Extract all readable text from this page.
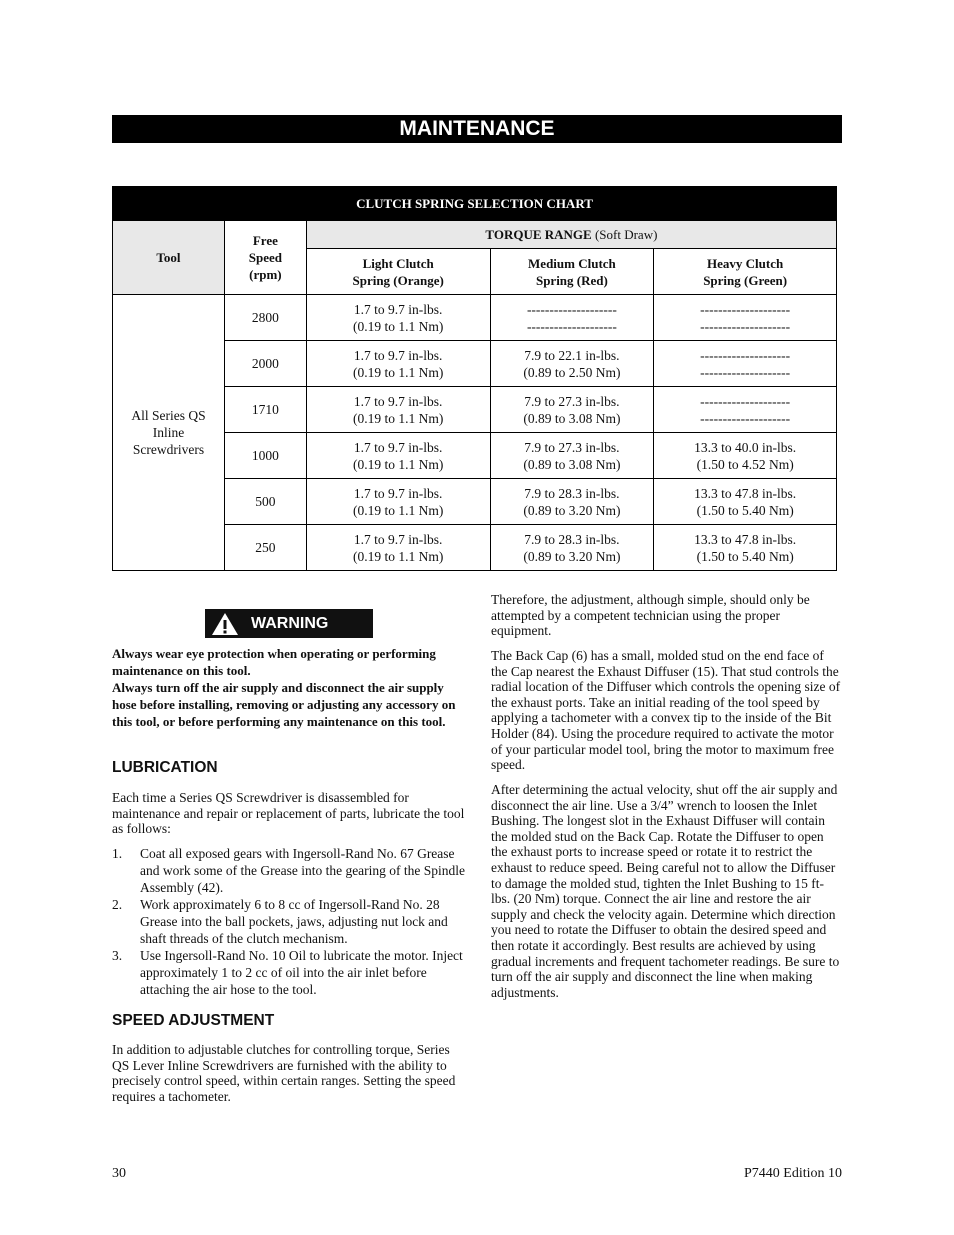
MAINTENANCE
CLUTCH SPRING SELECTION CHART				
Tool	Free
Speed
(rpm)	TORQUE RANGE (Soft Draw)		
		Light Clutch
Spring (Orange)	Medium Clutch
Spring (Red)	Heavy Clutch
Spring (Green)
All Series QS
Inline
Screwdrivers	2800	1.7 to 9.7 in-lbs.
(0.19 to 1.1 Nm)	--------------------
--------------------	--------------------
--------------------
	2000	1.7 to 9.7 in-lbs.
(0.19 to 1.1 Nm)	7.9 to 22.1 in-lbs.
(0.89 to 2.50 Nm)	--------------------
--------------------
	1710	1.7 to 9.7 in-lbs.
(0.19 to 1.1 Nm)	7.9 to 27.3 in-lbs.
(0.89 to 3.08 Nm)	--------------------
--------------------
	1000	1.7 to 9.7 in-lbs.
(0.19 to 1.1 Nm)	7.9 to 27.3 in-lbs.
(0.89 to 3.08 Nm)	13.3 to 40.0 in-lbs.
(1.50 to 4.52 Nm)
	500	1.7 to 9.7 in-lbs.
(0.19 to 1.1 Nm)	7.9 to 28.3 in-lbs.
(0.89 to 3.20 Nm)	13.3 to 47.8 in-lbs.
(1.50 to 5.40 Nm)
	250	1.7 to 9.7 in-lbs.
(0.19 to 1.1 Nm)	7.9 to 28.3 in-lbs.
(0.89 to 3.20 Nm)	13.3 to 47.8 in-lbs.
(1.50 to 5.40 Nm)
WARNING

Always wear eye protection when operating or performing maintenance on this tool.

Always turn off the air supply and disconnect the air supply hose before installing, removing or adjusting any accessory on this tool, or before performing any maintenance on this tool.

LUBRICATION

Each time a Series QS Screwdriver is disassembled for maintenance and repair or replacement of parts, lubricate the tool as follows:

1.	Coat all exposed gears with Ingersoll-Rand No. 67 Grease and work some of the Grease into the gearing of the Spindle Assembly (42).
2.	Work approximately 6 to 8 cc of Ingersoll-Rand No. 28 Grease into the ball pockets, jaws, adjusting nut lock and shaft threads of the clutch mechanism.
3.	Use Ingersoll-Rand No. 10 Oil to lubricate the motor. Inject approximately 1 to 2 cc of oil into the air inlet before attaching the air hose to the tool.
SPEED ADJUSTMENT

In addition to adjustable clutches for controlling torque, Series QS Lever Inline Screwdrivers are furnished with the ability to precisely control speed, within certain ranges. Setting the speed requires a tachometer.

Therefore, the adjustment, although simple, should only be attempted by a competent technician using the proper equipment.

The Back Cap (6) has a small, molded stud on the end face of the Cap nearest the Exhaust Diffuser (15). That stud controls the radial location of the Diffuser which controls the opening size of the exhaust ports. Take an initial reading of the tool speed by applying a tachometer with a convex tip to the inside of the Bit Holder (84). Using the procedure required to activate the motor of your particular model tool, bring the motor to maximum free speed.

After determining the actual velocity, shut off the air supply and disconnect the air line. Use a 3/4” wrench to loosen the Inlet Bushing. The longest slot in the Exhaust Diffuser will contain the molded stud on the Back Cap. Rotate the Diffuser to open the exhaust ports to increase speed or rotate it to restrict the exhaust to reduce speed. Being careful not to allow the Diffuser to damage the molded stud, tighten the Inlet Bushing to 15 ft-lbs. (20 Nm) torque. Connect the air line and restore the air supply and check the velocity again. Determine which direction you need to rotate the Diffuser to obtain the desired speed and then rotate it accordingly. Best results are achieved by using gradual increments and frequent tachometer readings. Be sure to turn off the air supply and disconnect the line when making adjustments.

30	P7440 Edition 10
